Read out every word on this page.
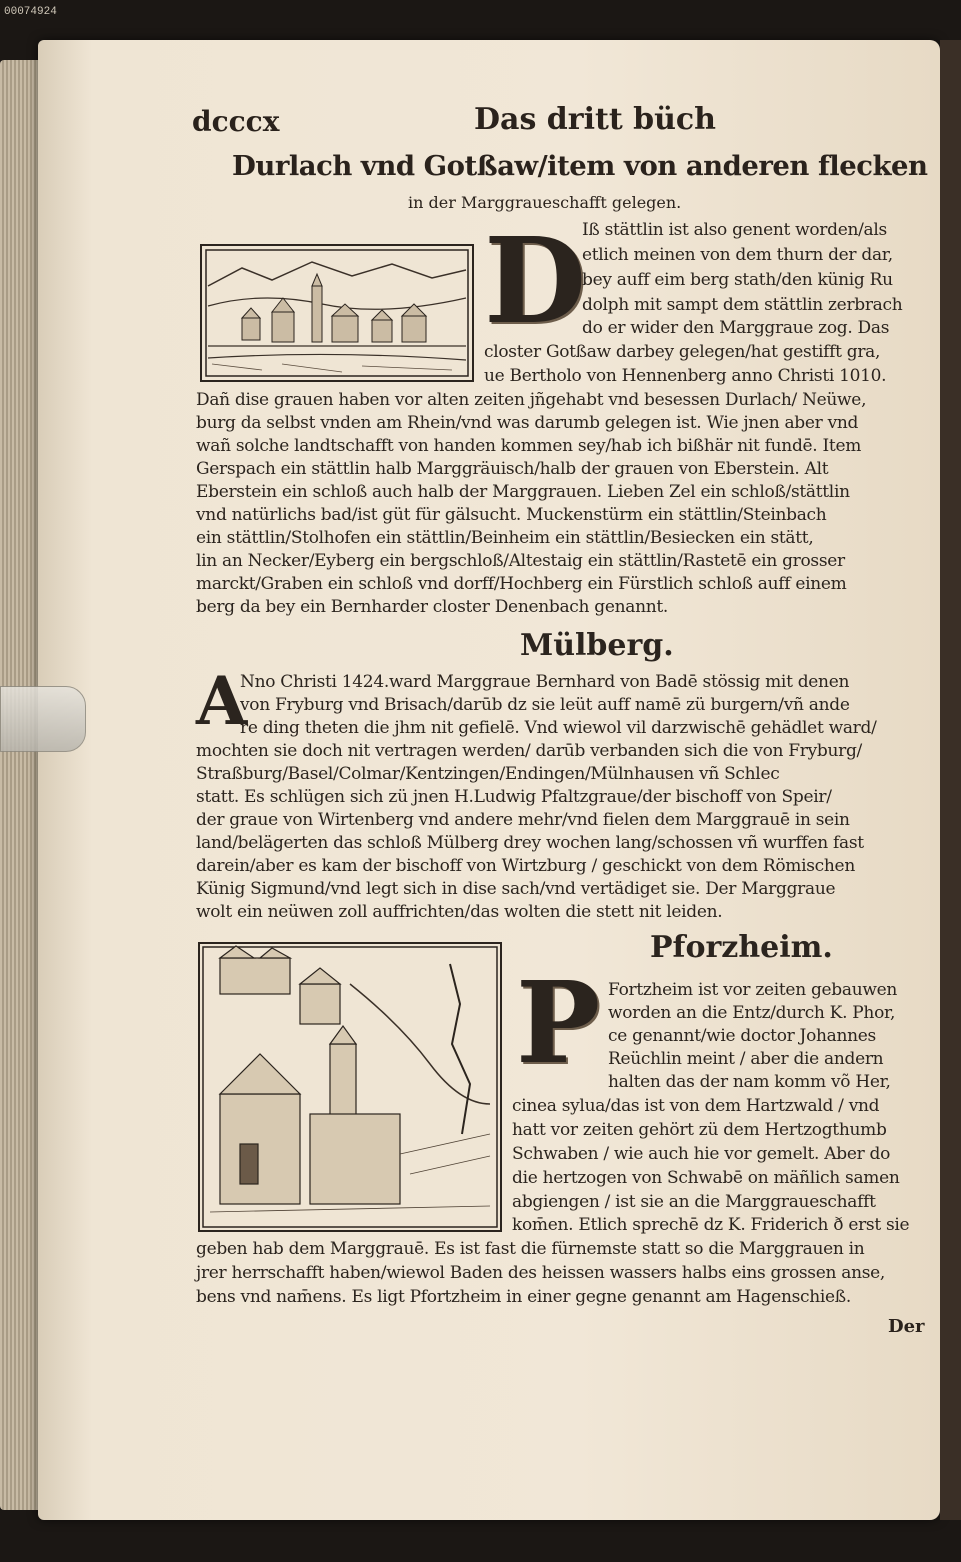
00074924
dcccx	Das dritt büch
Durlach vnd Gotßaw/item von anderen flecken
in der Marggraueschafft gelegen.
D
Iß stättlin ist also genent worden/als
etlich meinen von dem thurn der dar,
bey auff eim berg stath/den künig Ru
dolph mit sampt dem stättlin zerbrach
do er wider den Marggraue zog. Das
closter Gotßaw darbey gelegen/hat gestifft gra,
ue Bertholo von Hennenberg anno Christi 1010.
Dañ dise grauen haben vor alten zeiten jñgehabt vnd besessen Durlach/ Neüwe,
burg da selbst vnden am Rhein/vnd was darumb gelegen ist. Wie jnen aber vnd
wañ solche landtschafft von handen kommen sey/hab ich bißhär nit fundē. Item
Gerspach ein stättlin halb Marggräuisch/halb der grauen von Eberstein. Alt
Eberstein ein schloß auch halb der Marggrauen. Lieben Zel ein schloß/stättlin
vnd natürlichs bad/ist güt für gälsucht. Muckenstürm ein stättlin/Steinbach
ein stättlin/Stolhofen ein stättlin/Beinheim ein stättlin/Besiecken ein stätt,
lin an Necker/Eyberg ein bergschloß/Altestaig ein stättlin/Rastetē ein grosser
marckt/Graben ein schloß vnd dorff/Hochberg ein Fürstlich schloß auff einem
berg da bey ein Bernharder closter Denenbach genannt.
Mülberg.
A
Nno Christi 1424.ward Marggraue Bernhard von Badē stössig mit denen
von Fryburg vnd Brisach/darūb dz sie leüt auff namē zü burgern/vñ ande
re ding theten die jhm nit gefielē. Vnd wiewol vil darzwischē gehädlet ward/
mochten sie doch nit vertragen werden/ darūb verbanden sich die von Fryburg/
Straßburg/Basel/Colmar/Kentzingen/Endingen/Mülnhausen vñ Schlec
statt. Es schlügen sich zü jnen H.Ludwig Pfaltzgraue/der bischoff von Speir/
der graue von Wirtenberg vnd andere mehr/vnd fielen dem Marggrauē in sein
land/belägerten das schloß Mülberg drey wochen lang/schossen vñ wurffen fast
darein/aber es kam der bischoff von Wirtzburg / geschickt von dem Römischen
Künig Sigmund/vnd legt sich in dise sach/vnd vertädiget sie. Der Marggraue
wolt ein neüwen zoll auffrichten/das wolten die stett nit leiden.
Pforzheim.
P Fortzheim ist vor zeiten gebauwen
worden an die Entz/durch K. Phor,
ce genannt/wie doctor Johannes
Reüchlin meint / aber die andern
halten das der nam komm võ Her,
cinea sylua/das ist von dem Hartzwald / vnd
hatt vor zeiten gehört zü dem Hertzogthumb
Schwaben / wie auch hie vor gemelt. Aber do
die hertzogen von Schwabē on mäñlich samen
abgiengen / ist sie an die Marggraueschafft
kom̄en. Etlich sprechē dz K. Friderich ð erst sie
geben hab dem Marggrauē. Es ist fast die fürnemste statt so die Marggrauen in
jrer herrschafft haben/wiewol Baden des heissen wassers halbs eins grossen anse,
bens vnd nam̄ens. Es ligt Pfortzheim in einer gegne genannt am Hagenschieß.
Der
